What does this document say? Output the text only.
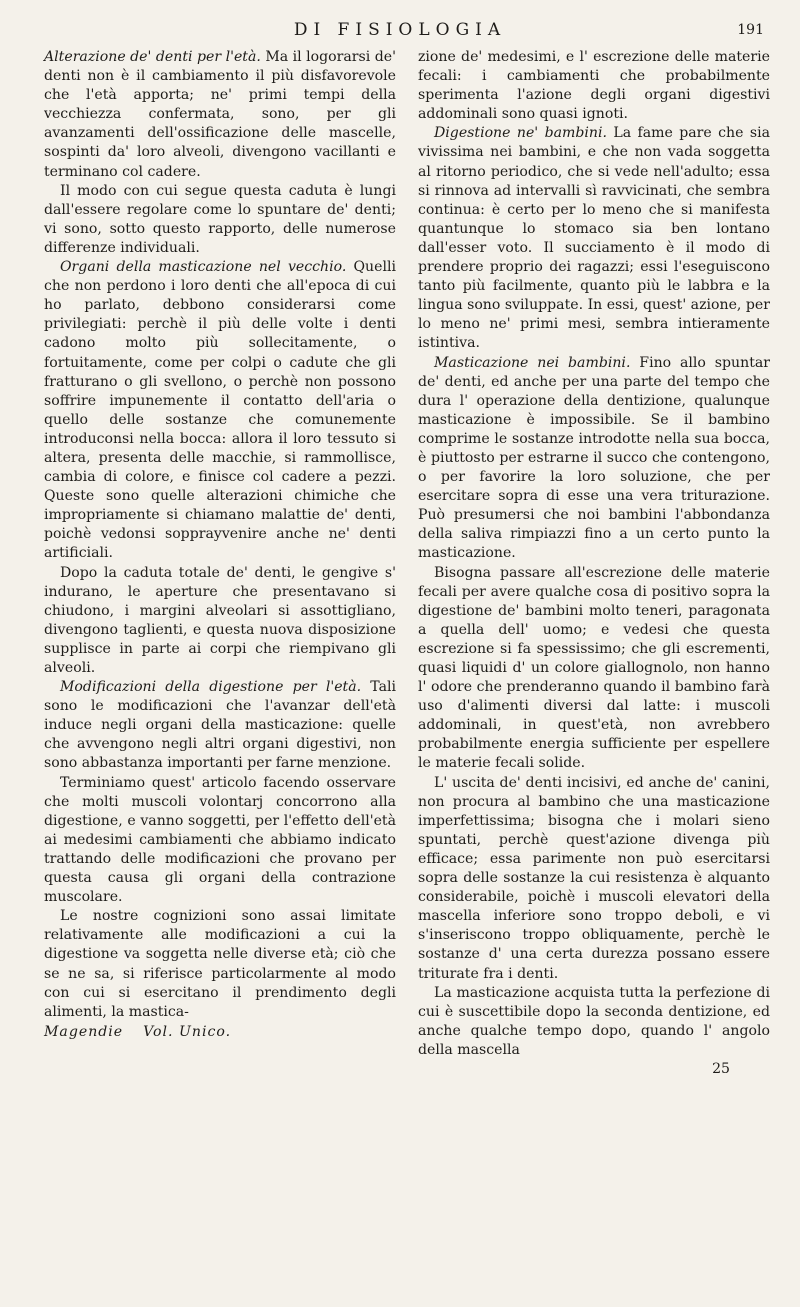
DI FISIOLOGIA	191

Alterazione de' denti per l'età. Ma il logorarsi de' denti non è il cambiamento il più disfavorevole che l'età apporta; ne' primi tempi della vecchiezza confermata, sono, per gli avanzamenti dell'ossificazione delle mascelle, sospinti da' loro alveoli, divengono vacillanti e terminano col cadere.

Il modo con cui segue questa caduta è lungi dall'essere regolare come lo spuntare de' denti; vi sono, sotto questo rapporto, delle numerose differenze individuali.

Organi della masticazione nel vecchio. Quelli che non perdono i loro denti che all'epoca di cui ho parlato, debbono considerarsi come privilegiati: perchè il più delle volte i denti cadono molto più sollecitamente, o fortuitamente, come per colpi o cadute che gli fratturano o gli svellono, o perchè non possono soffrire impunemente il contatto dell'aria o quello delle sostanze che comunemente introduconsi nella bocca: allora il loro tessuto si altera, presenta delle macchie, si rammollisce, cambia di colore, e finisce col cadere a pezzi. Queste sono quelle alterazioni chimiche che impropriamente si chiamano malattie de' denti, poichè vedonsi sopprayvenire anche ne' denti artificiali.

Dopo la caduta totale de' denti, le gengive s' indurano, le aperture che presentavano si chiudono, i margini alveolari si assottigliano, divengono taglienti, e questa nuova disposizione supplisce in parte ai corpi che riempivano gli alveoli.

Modificazioni della digestione per l'età. Tali sono le modificazioni che l'avanzar dell'età induce negli organi della masticazione: quelle che avvengono negli altri organi digestivi, non sono abbastanza importanti per farne menzione.

Terminiamo quest' articolo facendo osservare che molti muscoli volontarj concorrono alla digestione, e vanno soggetti, per l'effetto dell'età ai medesimi cambiamenti che abbiamo indicato trattando delle modificazioni che provano per questa causa gli organi della contrazione muscolare.

Le nostre cognizioni sono assai limitate relativamente alle modificazioni a cui la digestione va soggetta nelle diverse età; ciò che se ne sa, si riferisce particolarmente al modo con cui si esercitano il prendimento degli alimenti, la mastica-

Magendie Vol. Unico.

zione de' medesimi, e l' escrezione delle materie fecali: i cambiamenti che probabilmente sperimenta l'azione degli organi digestivi addominali sono quasi ignoti.

Digestione ne' bambini. La fame pare che sia vivissima nei bambini, e che non vada soggetta al ritorno periodico, che si vede nell'adulto; essa si rinnova ad intervalli sì ravvicinati, che sembra continua: è certo per lo meno che si manifesta quantunque lo stomaco sia ben lontano dall'esser voto. Il succiamento è il modo di prendere proprio dei ragazzi; essi l'eseguiscono tanto più facilmente, quanto più le labbra e la lingua sono sviluppate. In essi, quest' azione, per lo meno ne' primi mesi, sembra intieramente istintiva.

Masticazione nei bambini. Fino allo spuntar de' denti, ed anche per una parte del tempo che dura l' operazione della dentizione, qualunque masticazione è impossibile. Se il bambino comprime le sostanze introdotte nella sua bocca, è piuttosto per estrarne il succo che contengono, o per favorire la loro soluzione, che per esercitare sopra di esse una vera triturazione. Può presumersi che noi bambini l'abbondanza della saliva rimpiazzi fino a un certo punto la masticazione.

Bisogna passare all'escrezione delle materie fecali per avere qualche cosa di positivo sopra la digestione de' bambini molto teneri, paragonata a quella dell' uomo; e vedesi che questa escrezione si fa spessissimo; che gli escrementi, quasi liquidi d' un colore giallognolo, non hanno l' odore che prenderanno quando il bambino farà uso d'alimenti diversi dal latte: i muscoli addominali, in quest'età, non avrebbero probabilmente energia sufficiente per espellere le materie fecali solide.

L' uscita de' denti incisivi, ed anche de' canini, non procura al bambino che una masticazione imperfettissima; bisogna che i molari sieno spuntati, perchè quest'azione divenga più efficace; essa parimente non può esercitarsi sopra delle sostanze la cui resistenza è alquanto considerabile, poichè i muscoli elevatori della mascella inferiore sono troppo deboli, e vi s'inseriscono troppo obliquamente, perchè le sostanze d' una certa durezza possano essere triturate fra i denti.

La masticazione acquista tutta la perfezione di cui è suscettibile dopo la seconda dentizione, ed anche qualche tempo dopo, quando l' angolo della mascella

25
